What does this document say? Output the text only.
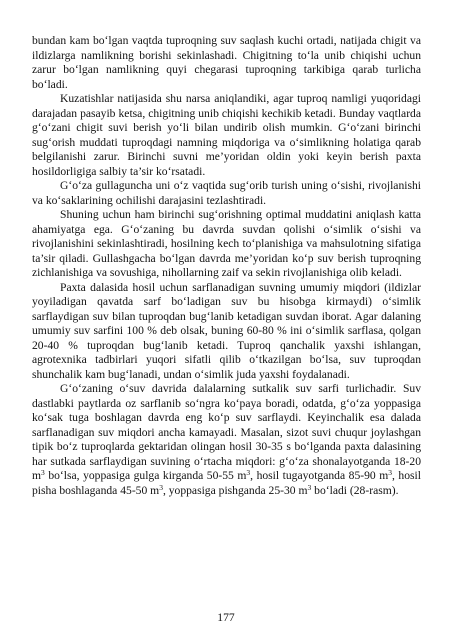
bundan kam bo‘lgan vaqtda tuproqning suv saqlash kuchi ortadi, natijada chigit va ildizlarga namlikning borishi sekinlashadi. Chigitning to‘la unib chiqishi uchun zarur bo‘lgan namlikning quyi chegarasi tuproqning tarkibiga qarab turlicha bo‘ladi.

Kuzatishlar natijasida shu narsa aniqlandiki, agar tuproq namligi yuqoridagi darajadan pasayib ketsa, chigitning unib chiqishi kechikib ketadi. Bunday vaqtlarda g‘o‘zani chigit suvi berish yo‘li bilan undirib olish mumkin. G‘o‘zani birinchi sug‘orish muddati tuproqdagi namning miqdoriga va o‘simlikning holatiga qarab belgilanishi zarur. Birinchi suvni me’yoridan oldin yoki keyin berish paxta hosildorligiga salbiy ta’sir ko‘rsatadi.

G‘o‘za gullaguncha uni o‘z vaqtida sug‘orib turish uning o‘sishi, rivojlanishi va ko‘saklarining ochilishi darajasini tezlashtiradi.

Shuning uchun ham birinchi sug‘orishning optimal muddatini aniqlash katta ahamiyatga ega. G‘o‘zaning bu davrda suvdan qolishi o‘simlik o‘sishi va rivojlanishini sekinlashtiradi, hosilning kech to‘planishiga va mahsulotning sifatiga ta’sir qiladi. Gullashgacha bo‘lgan davrda me’yoridan ko‘p suv berish tuproqning zichlanishiga va sovushiga, nihollarning zaif va sekin rivojlanishiga olib keladi.

Paxta dalasida hosil uchun sarflanadigan suvning umumiy miqdori (ildizlar yoyiladigan qavatda sarf bo‘ladigan suv bu hisobga kirmaydi) o‘simlik sarflaydigan suv bilan tuproqdan bug‘lanib ketadigan suvdan iborat. Agar dalaning umumiy suv sarfini 100 % deb olsak, buning 60-80 % ini o‘simlik sarflasa, qolgan 20-40 % tuproqdan bug‘lanib ketadi. Tuproq qanchalik yaxshi ishlangan, agrotexnika tadbirlari yuqori sifatli qilib o‘tkazilgan bo‘lsa, suv tuproqdan shunchalik kam bug‘lanadi, undan o‘simlik juda yaxshi foydalanadi.

G‘o‘zaning o‘suv davrida dalalarning sutkalik suv sarfi turlichadir. Suv dastlabki paytlarda oz sarflanib so‘ngra ko‘paya boradi, odatda, g‘o‘za yoppasiga ko‘sak tuga boshlagan davrda eng ko‘p suv sarflaydi. Keyinchalik esa dalada sarflanadigan suv miqdori ancha kamayadi. Masalan, sizot suvi chuqur joylashgan tipik bo‘z tuproqlarda gektaridan olingan hosil 30-35 s bo‘lganda paxta dalasining har sutkada sarflaydigan suvining o‘rtacha miqdori: g‘o‘za shonalayotganda 18-20 $m^3$ bo‘lsa, yoppasiga gulga kirganda 50-55 $m^3$, hosil tugayotganda 85-90 $m^3$, hosil pisha boshlaganda 45-50 $m^3$, yoppasiga pishganda 25-30 $m^3$ bo‘ladi (28-rasm).

177
